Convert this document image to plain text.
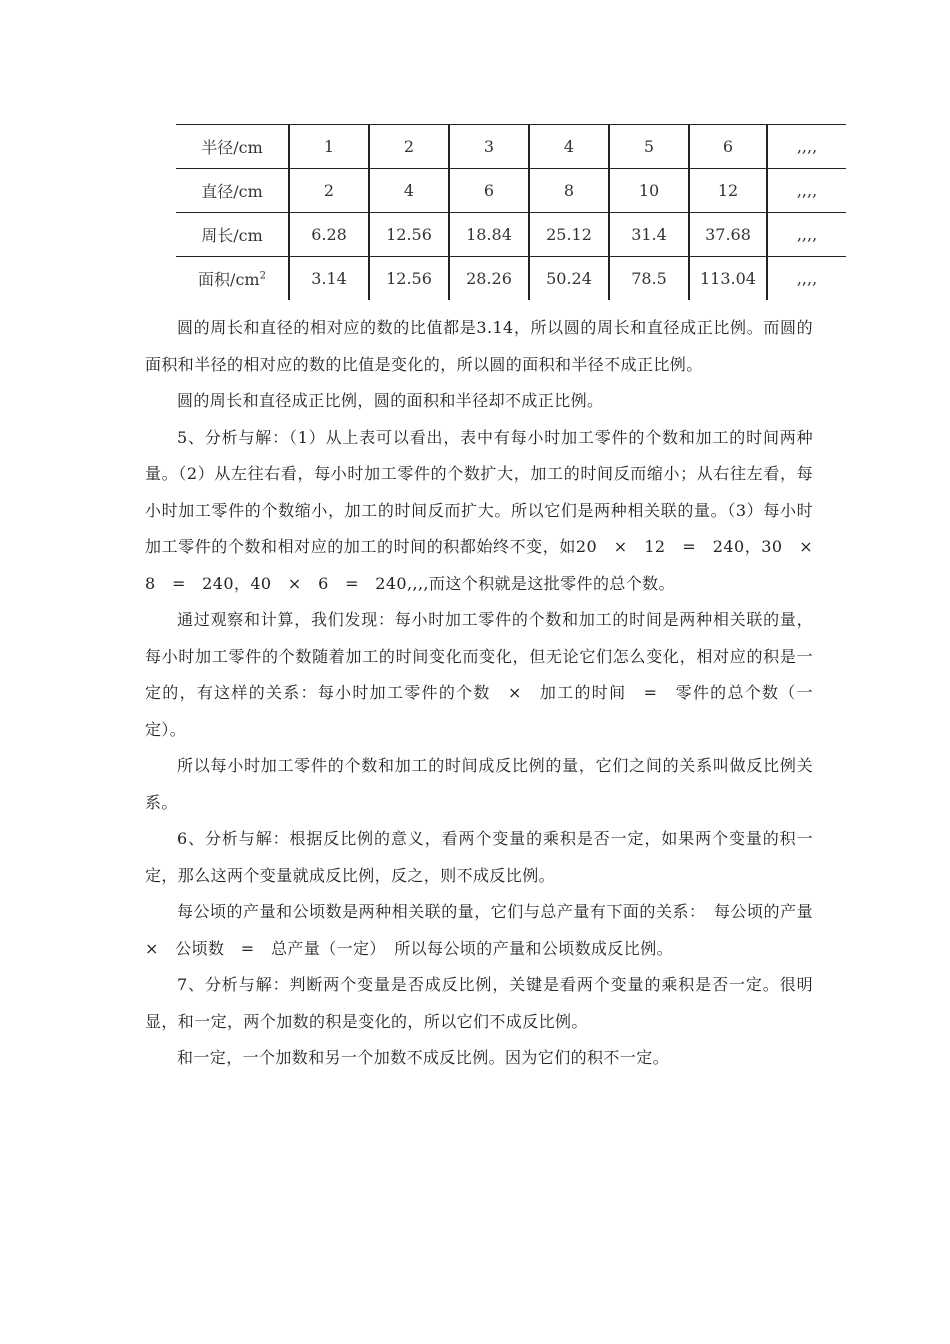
半径/cm	1	2	3	4	5	6	,,,,
直径/cm	2	4	6	8	10	12	,,,,
周长/cm	6.28	12.56	18.84	25.12	31.4	37.68	,,,,
面积$/cm^2$	3.14	12.56	28.26	50.24	78.5	113.04	,,,,

圆的周长和直径的相对应的数的比值都是3.14，所以圆的周长和直径成正比例。而圆的面积和半径的相对应的数的比值是变化的，所以圆的面积和半径不成正比例。

圆的周长和直径成正比例，圆的面积和半径却不成正比例。

5、分析与解：（1）从上表可以看出，表中有每小时加工零件的个数和加工的时间两种量。（2）从左往右看，每小时加工零件的个数扩大，加工的时间反而缩小；从右往左看，每小时加工零件的个数缩小，加工的时间反而扩大。所以它们是两种相关联的量。（3）每小时加工零件的个数和相对应的加工的时间的积都始终不变，如20　×　12　=　240，30　×　8　=　240，40　×　6　=　240,,,,而这个积就是这批零件的总个数。

通过观察和计算，我们发现：每小时加工零件的个数和加工的时间是两种相关联的量，每小时加工零件的个数随着加工的时间变化而变化，但无论它们怎么变化，相对应的积是一定的，有这样的关系：每小时加工零件的个数　×　加工的时间　=　零件的总个数（一定）。

所以每小时加工零件的个数和加工的时间成反比例的量，它们之间的关系叫做反比例关系。

6、分析与解：根据反比例的意义，看两个变量的乘积是否一定，如果两个变量的积一定，那么这两个变量就成反比例，反之，则不成反比例。

每公顷的产量和公顷数是两种相关联的量，它们与总产量有下面的关系：　每公顷的产量　×　公顷数　=　总产量（一定）　所以每公顷的产量和公顷数成反比例。

7、分析与解：判断两个变量是否成反比例，关键是看两个变量的乘积是否一定。很明显，和一定，两个加数的积是变化的，所以它们不成反比例。

和一定，一个加数和另一个加数不成反比例。因为它们的积不一定。
